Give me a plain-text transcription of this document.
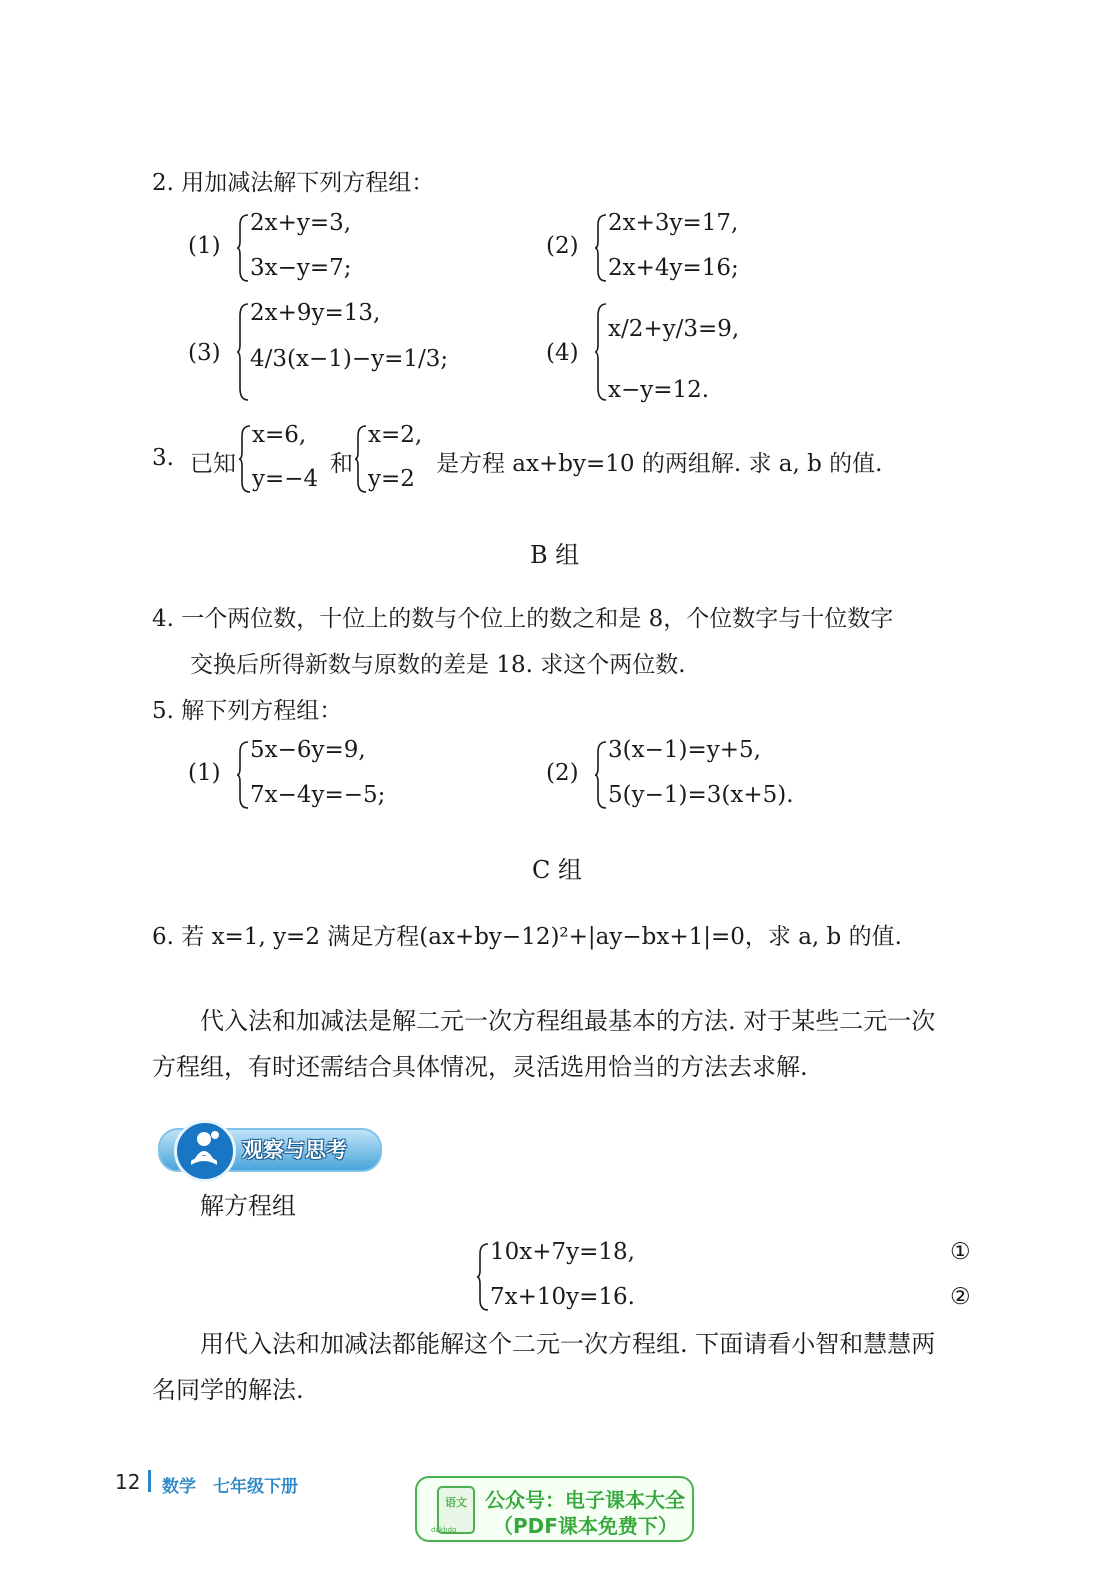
2. 用加减法解下列方程组：
(1)
2x+y=3,
3x−y=7;
(2)
2x+3y=17,
2x+4y=16;
(3)
2x+9y=13,
4/3(x−1)−y=1/3;	(4)
x/2+y/3=9,
x−y=12.
3. 已知
x=6,
y=−4
和
x=2,
y=2
是方程 ax+by=10 的两组解. 求 a, b 的值.
B 组
4. 一个两位数，十位上的数与个位上的数之和是 8，个位数字与十位数字
交换后所得新数与原数的差是 18. 求这个两位数.
5. 解下列方程组：
(1)
5x−6y=9,
7x−4y=−5;
(2)
3(x−1)=y+5,
5(y−1)=3(x+5).
C 组
6. 若 x=1, y=2 满足方程(ax+by−12)²+|ay−bx+1|=0，求 a, b 的值.
代入法和加减法是解二元一次方程组最基本的方法. 对于某些二元一次
方程组，有时还需结合具体情况，灵活选用恰当的方法去求解.
观察与思考
解方程组
10x+7y=18,
7x+10y=16.
①
②
用代入法和加减法都能解这个二元一次方程组. 下面请看小智和慧慧两
名同学的解法.
12 数学　七年级下册
语文
dzkbdq
公众号：电子课本大全
（PDF课本免费下）
